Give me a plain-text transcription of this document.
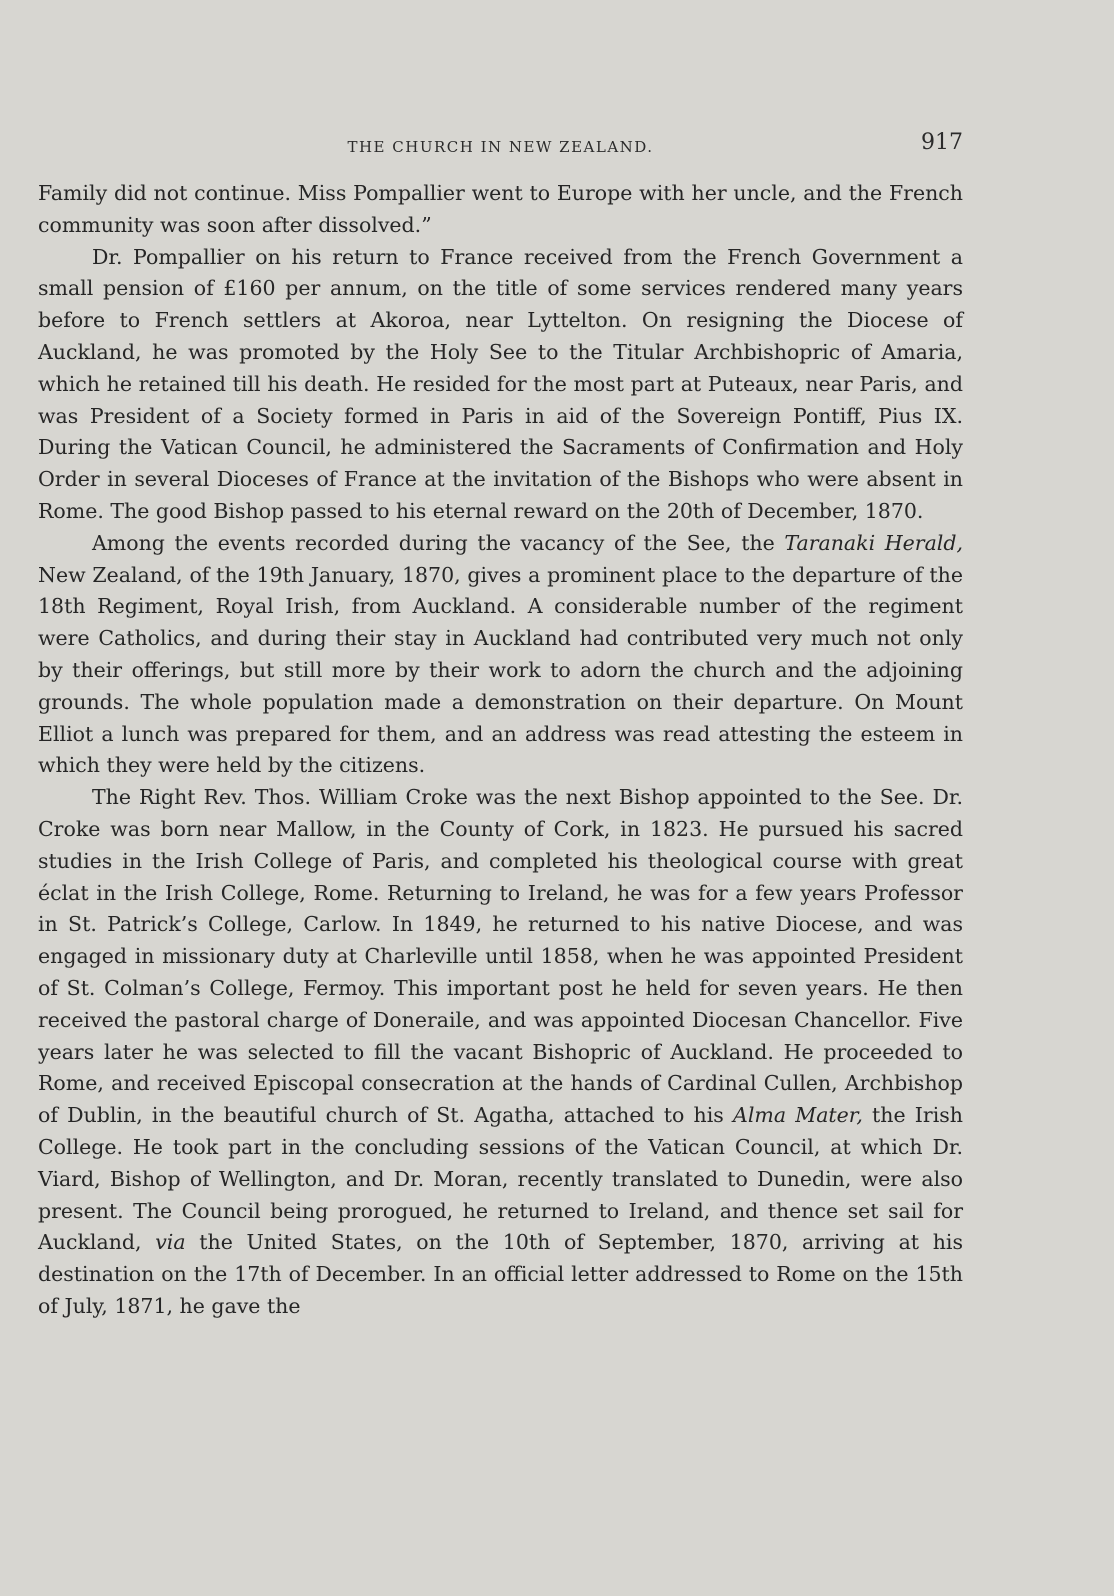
THE CHURCH IN NEW ZEALAND.	917

Family did not continue. Miss Pompallier went to Europe with her uncle, and the French community was soon after dissolved.”

Dr. Pompallier on his return to France received from the French Government a small pension of £160 per annum, on the title of some services rendered many years before to French settlers at Akoroa, near Lyttelton. On resigning the Diocese of Auckland, he was promoted by the Holy See to the Titular Archbishopric of Amaria, which he retained till his death. He resided for the most part at Puteaux, near Paris, and was President of a Society formed in Paris in aid of the Sovereign Pontiff, Pius IX. During the Vatican Council, he administered the Sacraments of Confirmation and Holy Order in several Dioceses of France at the invitation of the Bishops who were absent in Rome. The good Bishop passed to his eternal reward on the 20th of December, 1870.

Among the events recorded during the vacancy of the See, the Taranaki Herald, New Zealand, of the 19th January, 1870, gives a prominent place to the departure of the 18th Regiment, Royal Irish, from Auckland. A considerable number of the regiment were Catholics, and during their stay in Auckland had contributed very much not only by their offerings, but still more by their work to adorn the church and the adjoining grounds. The whole population made a demonstration on their departure. On Mount Elliot a lunch was prepared for them, and an address was read attesting the esteem in which they were held by the citizens.

The Right Rev. Thos. William Croke was the next Bishop appointed to the See. Dr. Croke was born near Mallow, in the County of Cork, in 1823. He pursued his sacred studies in the Irish College of Paris, and completed his theological course with great éclat in the Irish College, Rome. Returning to Ireland, he was for a few years Professor in St. Patrick’s College, Carlow. In 1849, he returned to his native Diocese, and was engaged in missionary duty at Charleville until 1858, when he was appointed President of St. Colman’s College, Fermoy. This important post he held for seven years. He then received the pastoral charge of Doneraile, and was appointed Diocesan Chancellor. Five years later he was selected to fill the vacant Bishopric of Auckland. He proceeded to Rome, and received Episcopal consecration at the hands of Cardinal Cullen, Archbishop of Dublin, in the beautiful church of St. Agatha, attached to his Alma Mater, the Irish College. He took part in the concluding sessions of the Vatican Council, at which Dr. Viard, Bishop of Wellington, and Dr. Moran, recently translated to Dunedin, were also present. The Council being prorogued, he returned to Ireland, and thence set sail for Auckland, via the United States, on the 10th of September, 1870, arriving at his destination on the 17th of December. In an official letter addressed to Rome on the 15th of July, 1871, he gave the
